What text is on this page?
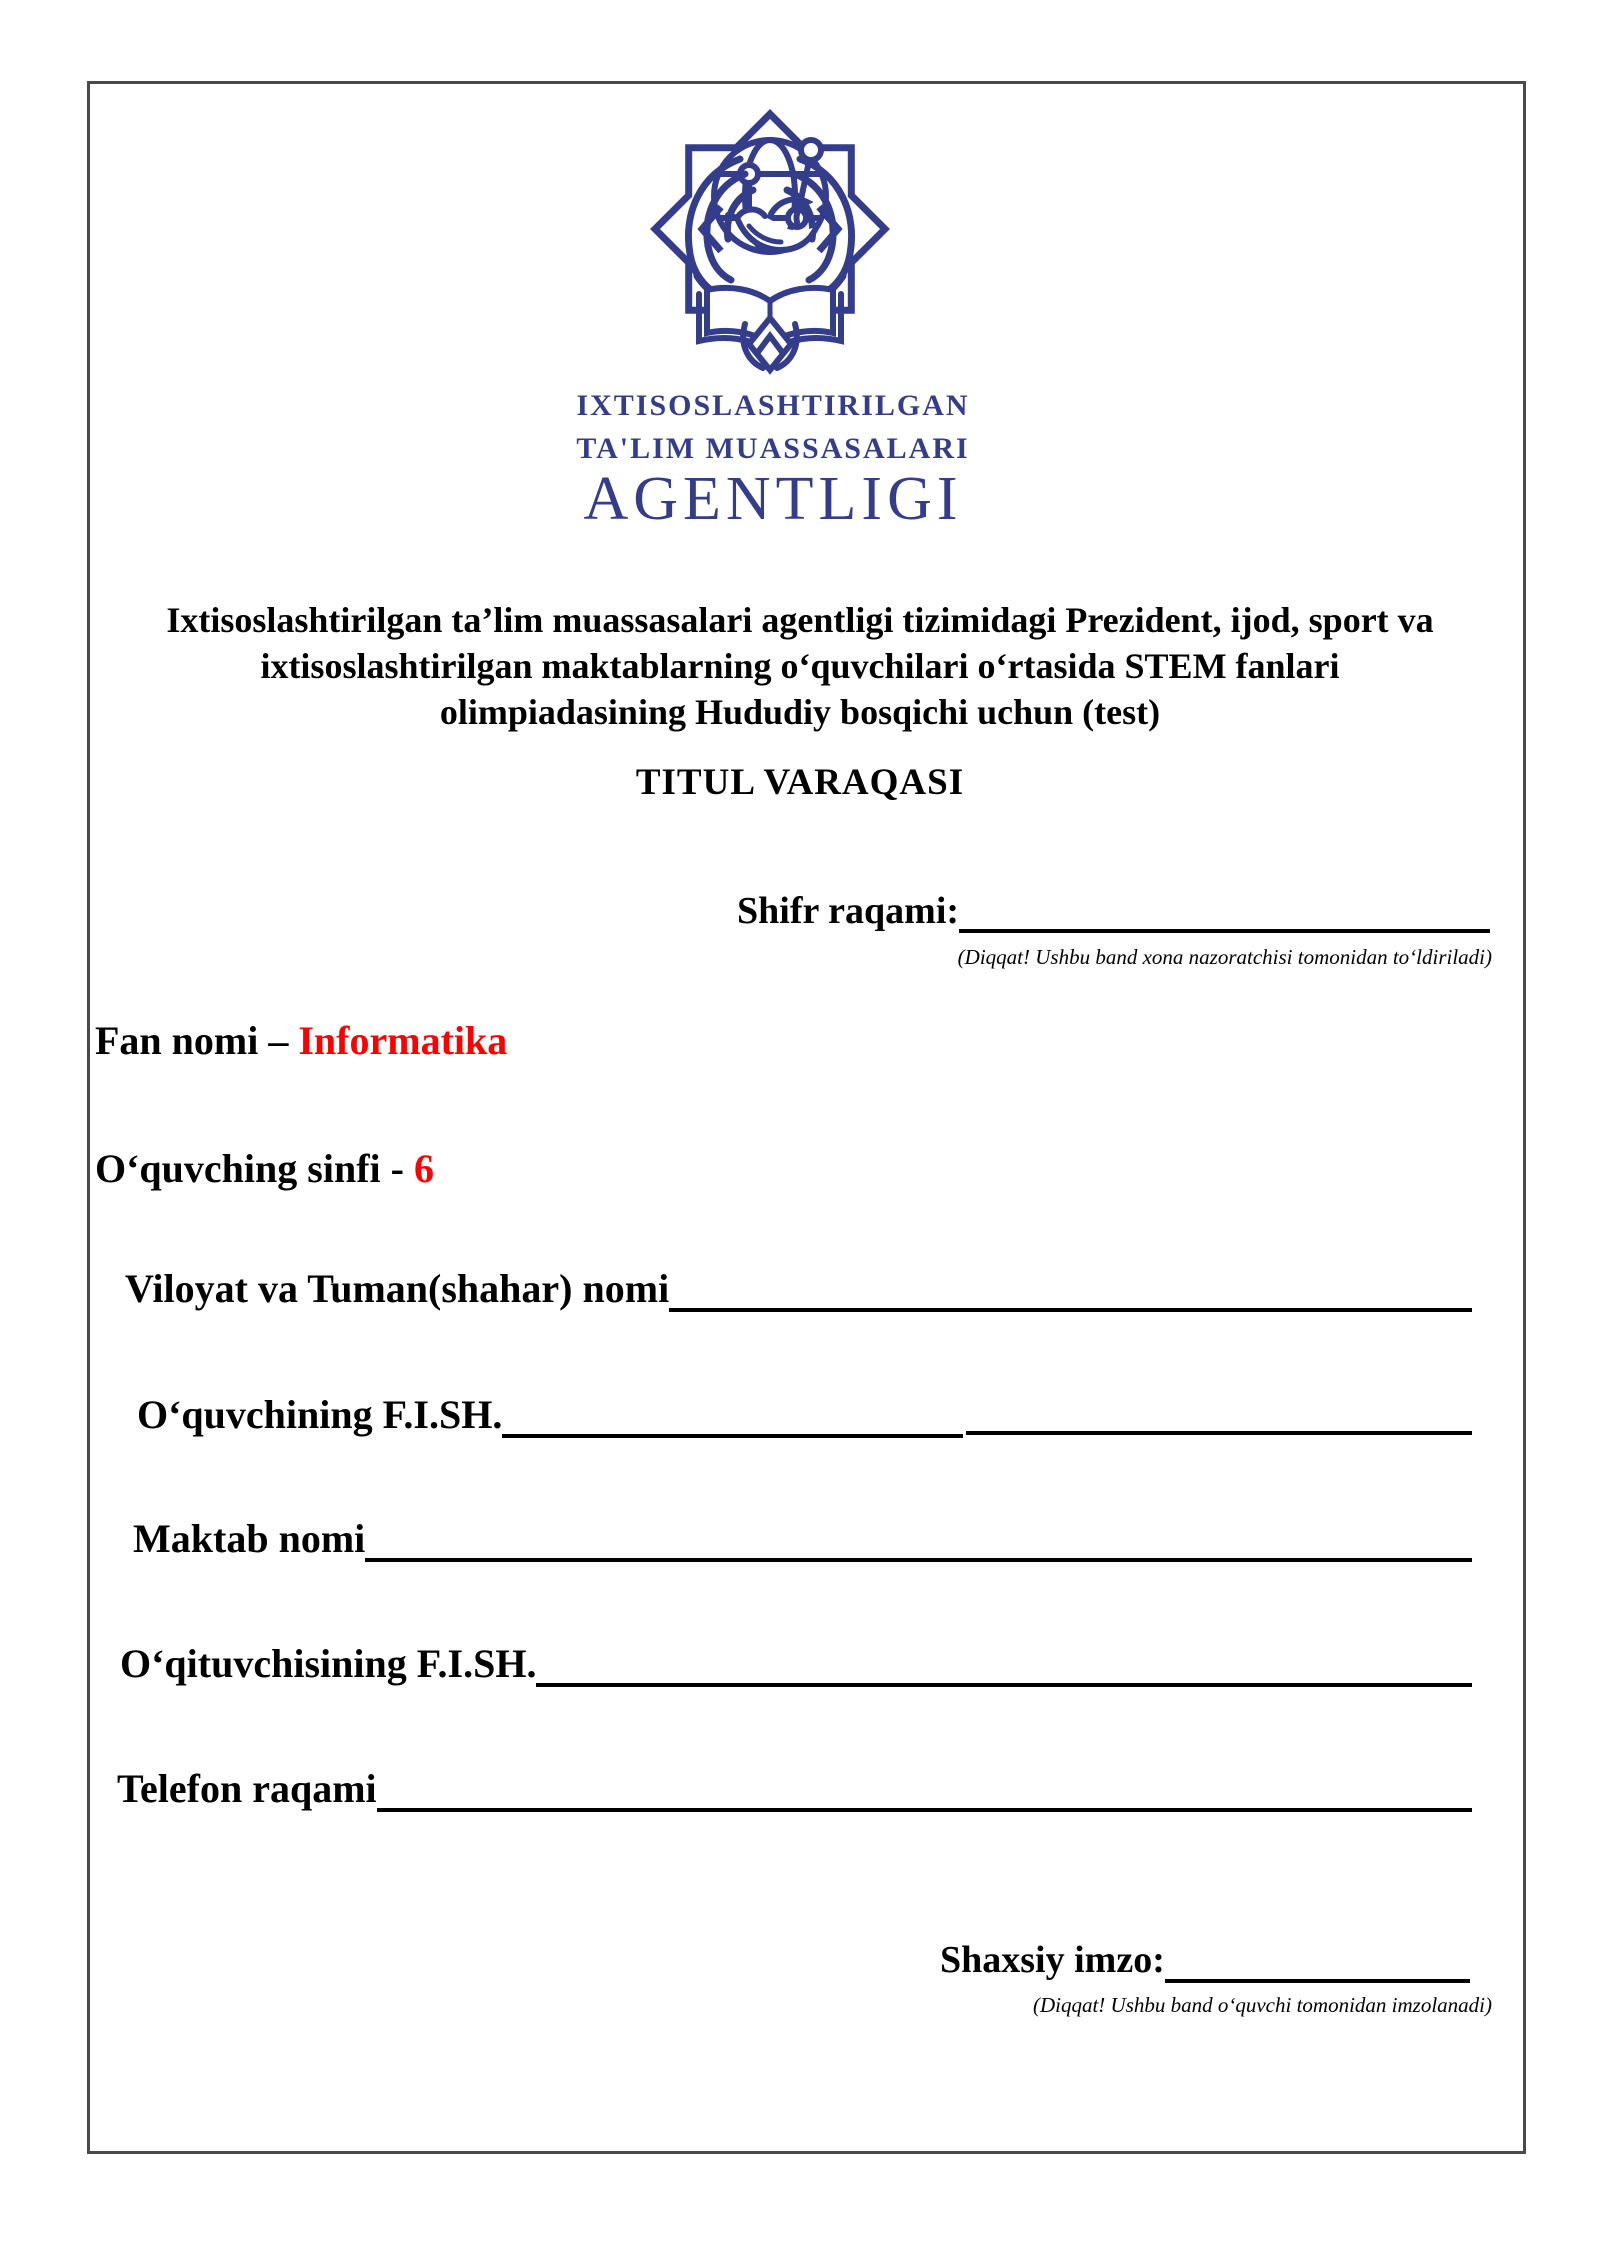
IXTISOSLASHTIRILGAN
TA'LIM MUASSASALARI
AGENTLIGI
Ixtisoslashtirilgan ta’lim muassasalari agentligi tizimidagi Prezident, ijod, sport va
ixtisoslashtirilgan maktablarning o‘quvchilari o‘rtasida STEM fanlari
olimpiadasining Hududiy bosqichi uchun (test)
TITUL VARAQASI
Shifr raqami:
(Diqqat! Ushbu band xona nazoratchisi tomonidan to‘ldiriladi)
Fan nomi – Informatika
O‘quvching sinfi - 6
Viloyat va Tuman(shahar) nomi
O‘quvchining F.I.SH.
Maktab nomi
O‘qituvchisining F.I.SH.
Telefon raqami
Shaxsiy imzo:
(Diqqat! Ushbu band o‘quvchi tomonidan imzolanadi)
